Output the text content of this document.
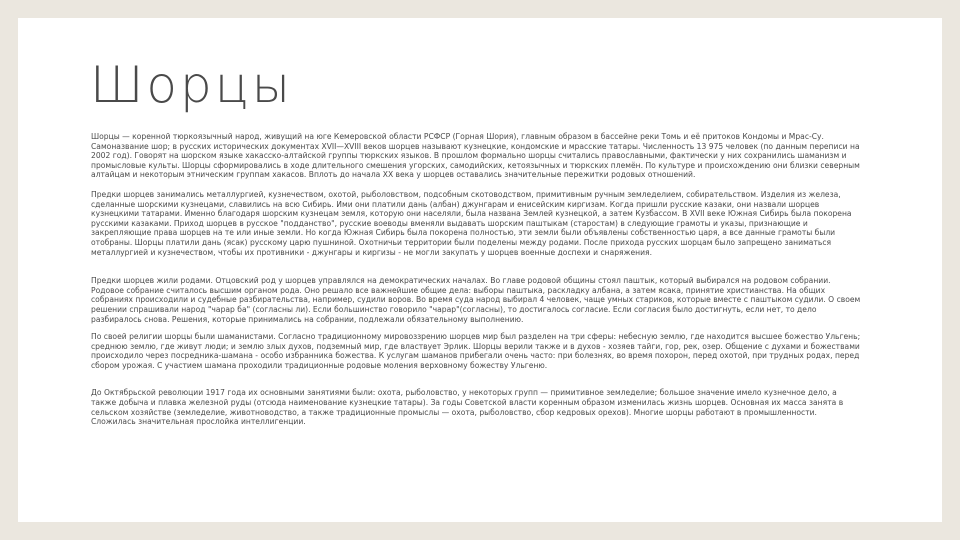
Шорцы

Шорцы — коренной тюркоязычный народ, живущий на юге Кемеровской области РСФСР (Горная Шория), главным образом в бассейне реки Томь и её притоков Кондомы и Мрас-Су. Самоназвание шор; в русских исторических документах XVII—XVIII веков шорцев называют кузнецкие, кондомские и мрасские татары. Численность 13 975 человек (по данным переписи на 2002 год). Говорят на шорском языке хакасско-алтайской группы тюркских языков. В прошлом формально шорцы считались православными, фактически у них сохранились шаманизм и промысловые культы. Шорцы сформировались в ходе длительного смешения угорских, самодийских, кетоязычных и тюркских племён. По культуре и происхождению они близки северным алтайцам и некоторым этническим группам хакасов. Вплоть до начала XX века у шорцев оставались значительные пережитки родовых отношений.

Предки шорцев занимались металлургией, кузнечеством, охотой, рыболовством, подсобным скотоводством, примитивным ручным земледелием, собирательством. Изделия из железа, сделанные шорскими кузнецами, славились на всю Сибирь. Ими они платили дань (албан) джунгарам и енисейским киргизам. Когда пришли русские казаки, они назвали шорцев кузнецкими татарами. Именно благодаря шорским кузнецам земля, которую они населяли, была названа Землей кузнецкой, а затем Кузбассом. В XVII веке Южная Сибирь была покорена русскими казаками. Приход шорцев в русское "подданство", русские воеводы вменяли выдавать шорским паштыкам (старостам) в следующие грамоты и указы, признающие и закрепляющие права шорцев на те или иные земли. Но когда Южная Сибирь была покорена полностью, эти земли были объявлены собственностью царя, а все данные грамоты были отобраны. Шорцы платили дань (ясак) русскому царю пушниной. Охотничьи территории были поделены между родами. После прихода русских шорцам было запрещено заниматься металлургией и кузнечеством, чтобы их противники - джунгары и киргизы - не могли закупать у шорцев военные доспехи и снаряжения.

Предки шорцев жили родами. Отцовский род у шорцев управлялся на демократических началах. Во главе родовой общины стоял паштык, который выбирался на родовом собрании. Родовое собрание считалось высшим органом рода. Оно решало все важнейшие общие дела: выборы паштыка, раскладку албана, а затем ясака, принятие христианства. На общих собраниях происходили и судебные разбирательства, например, судили воров. Во время суда народ выбирал 4 человек, чаще умных стариков, которые вместе с паштыком судили. О своем решении спрашивали народ "чарар ба" (согласны ли). Если большинство говорило "чарар"(согласны), то достигалось согласие. Если согласия было достигнуть, если нет, то дело разбиралось снова. Решения, которые принимались на собрании, подлежали обязательному выполнению.

По своей религии шорцы были шаманистами. Согласно традиционному мировоззрению шорцев мир был разделен на три сферы: небесную землю, где находится высшее божество Ульгень; среднюю землю, где живут люди; и землю злых духов, подземный мир, где властвует Эрлик. Шорцы верили также и в духов - хозяев тайги, гор, рек, озер. Общение с духами и божествами происходило через посредника-шамана - особо избранника божества. К услугам шаманов прибегали очень часто: при болезнях, во время похорон, перед охотой, при трудных родах, перед сбором урожая. С участием шамана проходили традиционные родовые моления верховному божеству Ульгеню.

До Октябрьской революции 1917 года их основными занятиями были: охота, рыболовство, у некоторых групп — примитивное земледелие; большое значение имело кузнечное дело, а также добыча и плавка железной руды (отсюда наименование кузнецкие татары). За годы Советской власти коренным образом изменилась жизнь шорцев. Основная их масса занята в сельском хозяйстве (земледелие, животноводство, а также традиционные промыслы — охота, рыболовство, сбор кедровых орехов). Многие шорцы работают в промышленности. Сложилась значительная прослойка интеллигенции.
